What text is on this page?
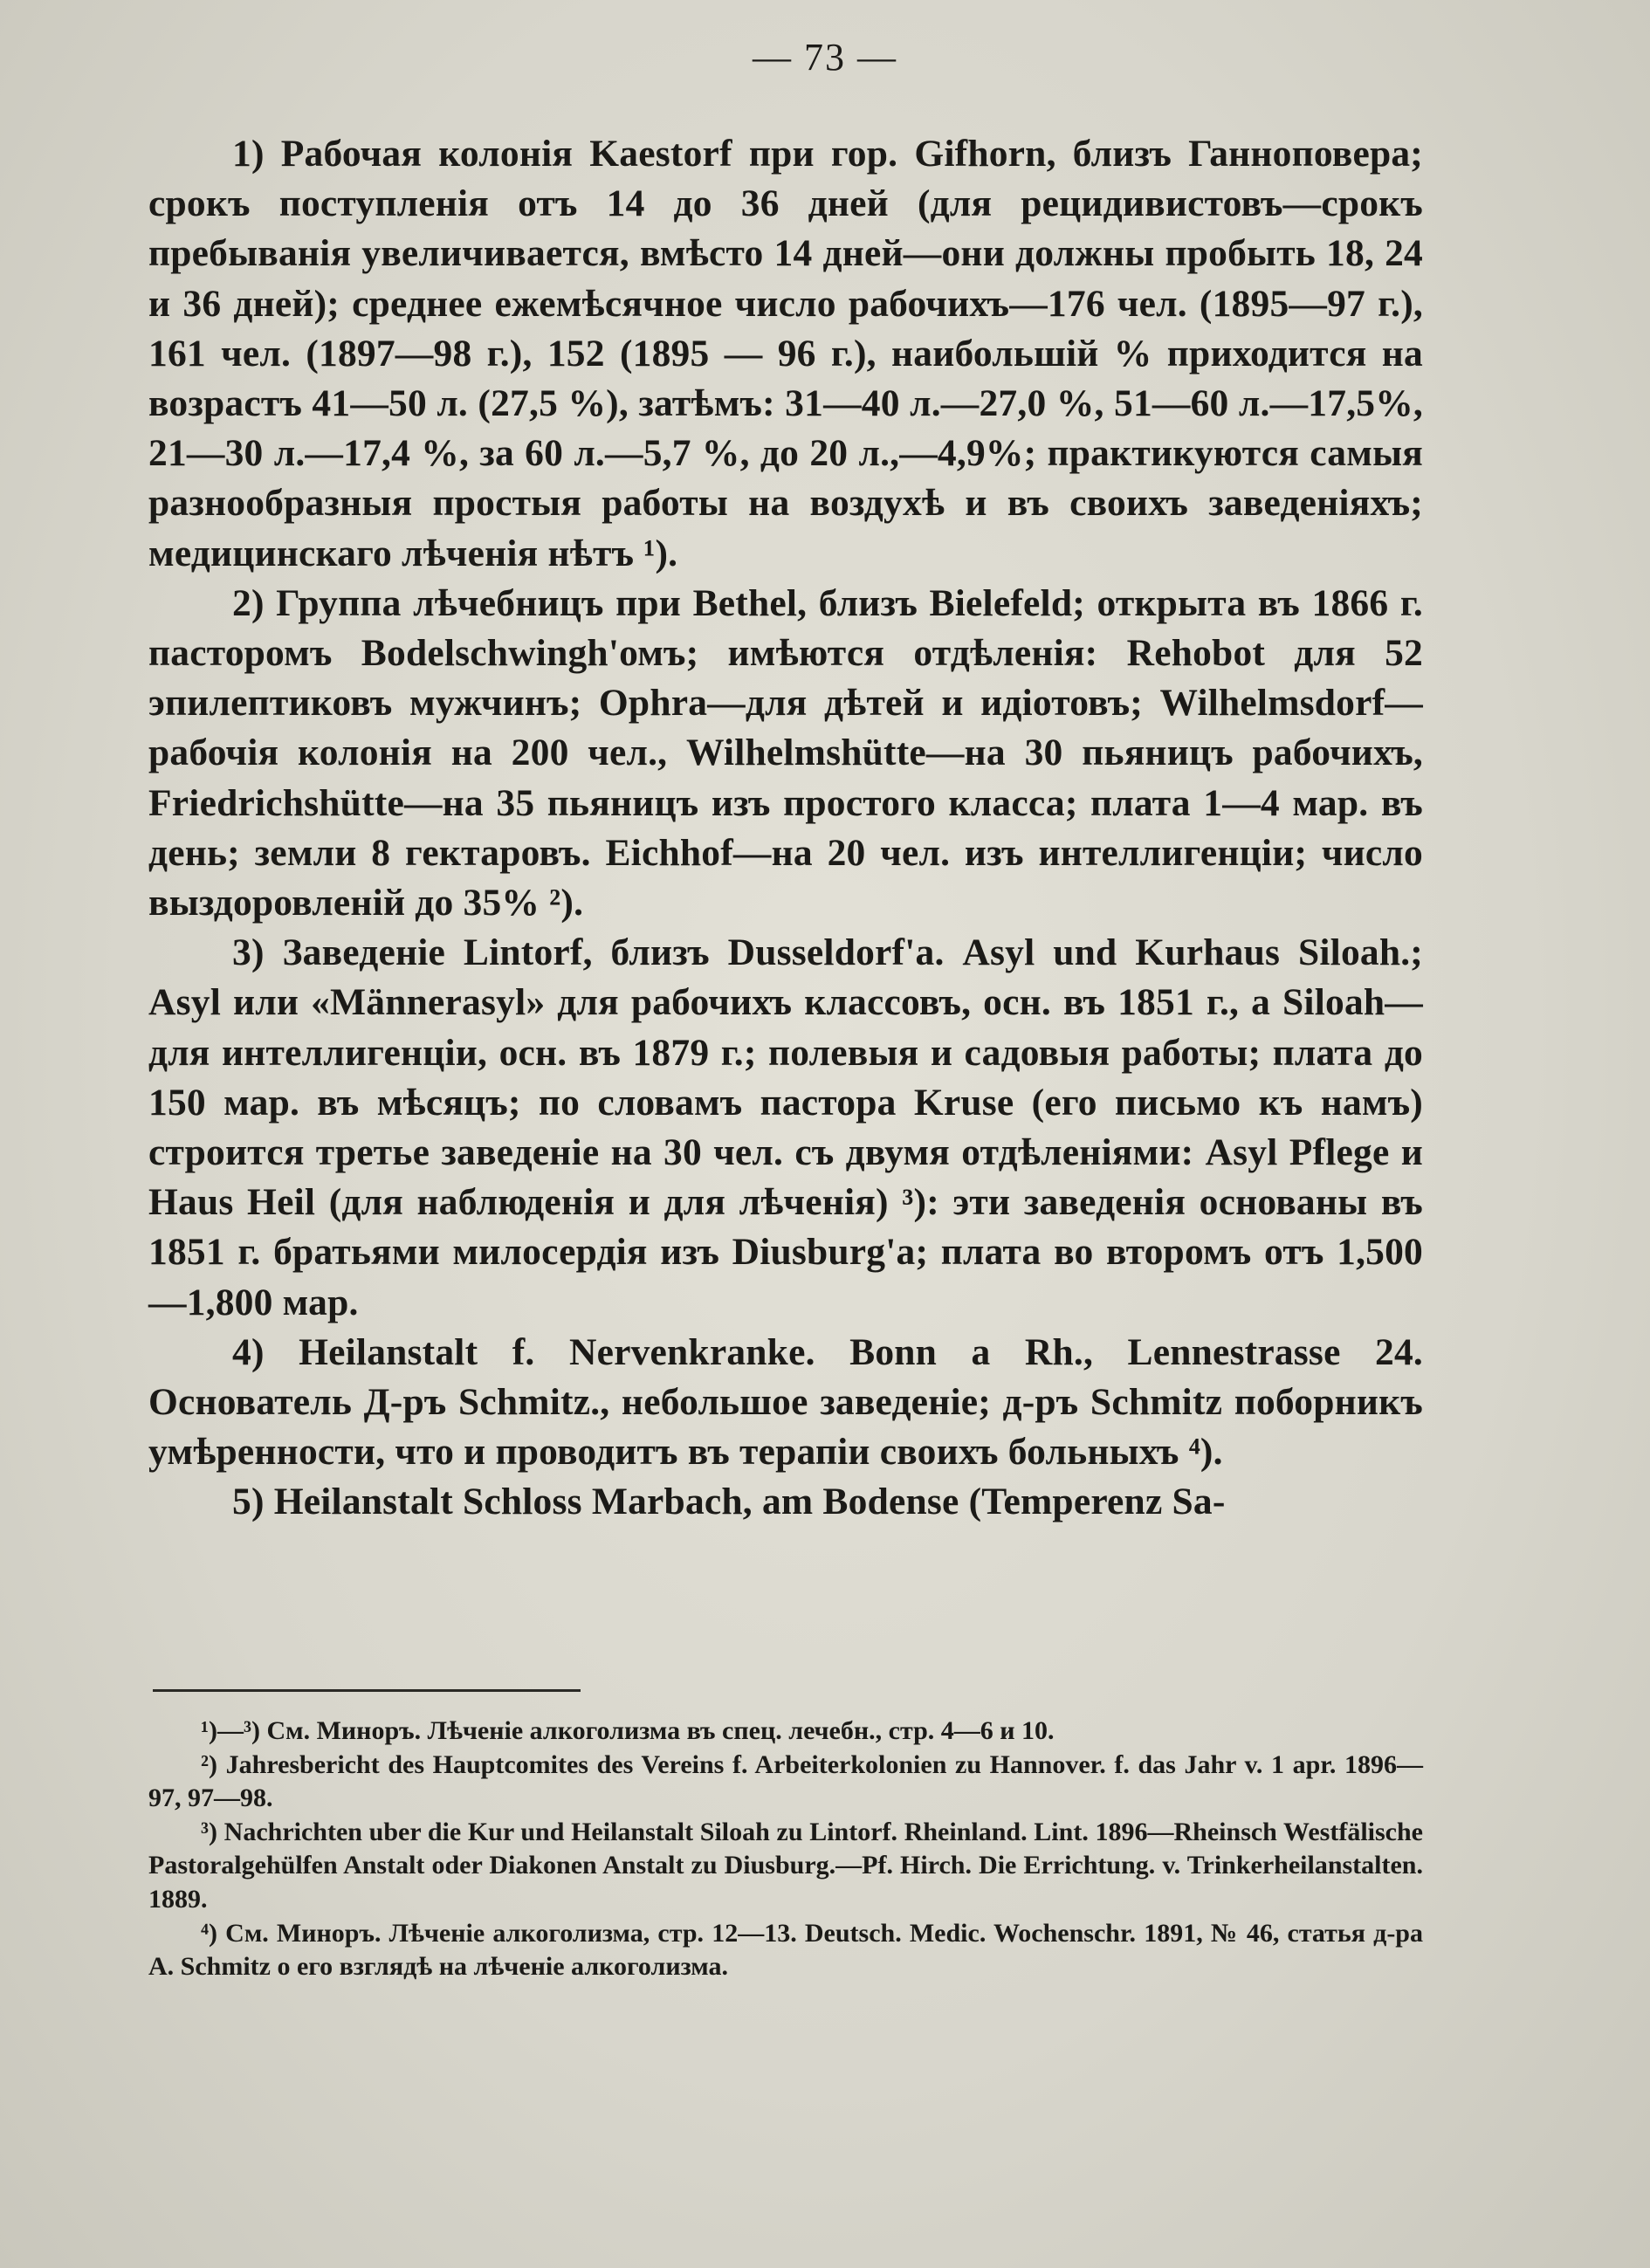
— 73 —

1) Рабочая колонія Kaestorf при гор. Gifhorn, близъ Ганноповера; срокъ поступленія отъ 14 до 36 дней (для рецидивистовъ—срокъ пребыванія увеличивается, вмѣсто 14 дней—они должны пробыть 18, 24 и 36 дней); среднее ежемѣсячное число рабочихъ—176 чел. (1895—97 г.), 161 чел. (1897—98 г.), 152 (1895 — 96 г.), наибольшій % приходится на возрастъ 41—50 л. (27,5 %), затѣмъ: 31—40 л.—27,0 %, 51—60 л.—17,5%, 21—30 л.—17,4 %, за 60 л.—5,7 %, до 20 л.,—4,9%; практикуются самыя разнообразныя простыя работы на воздухѣ и въ своихъ заведеніяхъ; медицинскаго лѣченія нѣтъ ¹).

2) Группа лѣчебницъ при Bethel, близъ Bielefeld; открыта въ 1866 г. пасторомъ Bodelschwingh'омъ; имѣются отдѣленія: Rehobot для 52 эпилептиковъ мужчинъ; Ophra—для дѣтей и идіотовъ; Wilhelmsdorf—рабочія колонія на 200 чел., Wilhelmshütte—на 30 пьяницъ рабочихъ, Friedrichshütte—на 35 пьяницъ изъ простого класса; плата 1—4 мар. въ день; земли 8 гектаровъ. Eichhof—на 20 чел. изъ интеллигенціи; число выздоровленій до 35% ²).

3) Заведеніе Lintorf, близъ Dusseldorf'а. Asyl und Kurhaus Siloah.; Asyl или «Männerasyl» для рабочихъ классовъ, осн. въ 1851 г., а Siloah— для интеллигенціи, осн. въ 1879 г.; полевыя и садовыя работы; плата до 150 мар. въ мѣсяцъ; по словамъ пастора Kruse (его письмо къ намъ) строится третье заведеніе на 30 чел. съ двумя отдѣленіями: Asyl Pflege и Haus Heil (для наблюденія и для лѣченія) ³): эти заведенія основаны въ 1851 г. братьями милосердія изъ Diusburg'а; плата во второмъ отъ 1,500—1,800 мар.

4) Heilanstalt f. Nervenkranke. Bonn a Rh., Lennestrasse 24. Основатель Д-ръ Schmitz., небольшое заведеніе; д-ръ Schmitz поборникъ умѣренности, что и проводитъ въ терапіи своихъ больныхъ ⁴).

5) Heilanstalt Schloss Marbach, am Bodense (Temperenz Sa-

¹)—³) См. Миноръ. Лѣченіе алкоголизма въ спец. лечебн., стр. 4—6 и 10.

²) Jahresbericht des Hauptcomites des Vereins f. Arbeiterkolonien zu Hannover. f. das Jahr v. 1 apr. 1896—97, 97—98.

³) Nachrichten uber die Kur und Heilanstalt Siloah zu Lintorf. Rheinland. Lint. 1896—Rheinsch Westfälische Pastoralgehülfen Anstalt oder Diakonen Anstalt zu Diusburg.—Pf. Hirch. Die Errichtung. v. Trinkerheilanstalten. 1889.

⁴) См. Миноръ. Лѣченіе алкоголизма, стр. 12—13. Deutsch. Medic. Wochenschr. 1891, № 46, статья д-ра А. Schmitz о его взглядѣ на лѣченіе алкоголизма.
